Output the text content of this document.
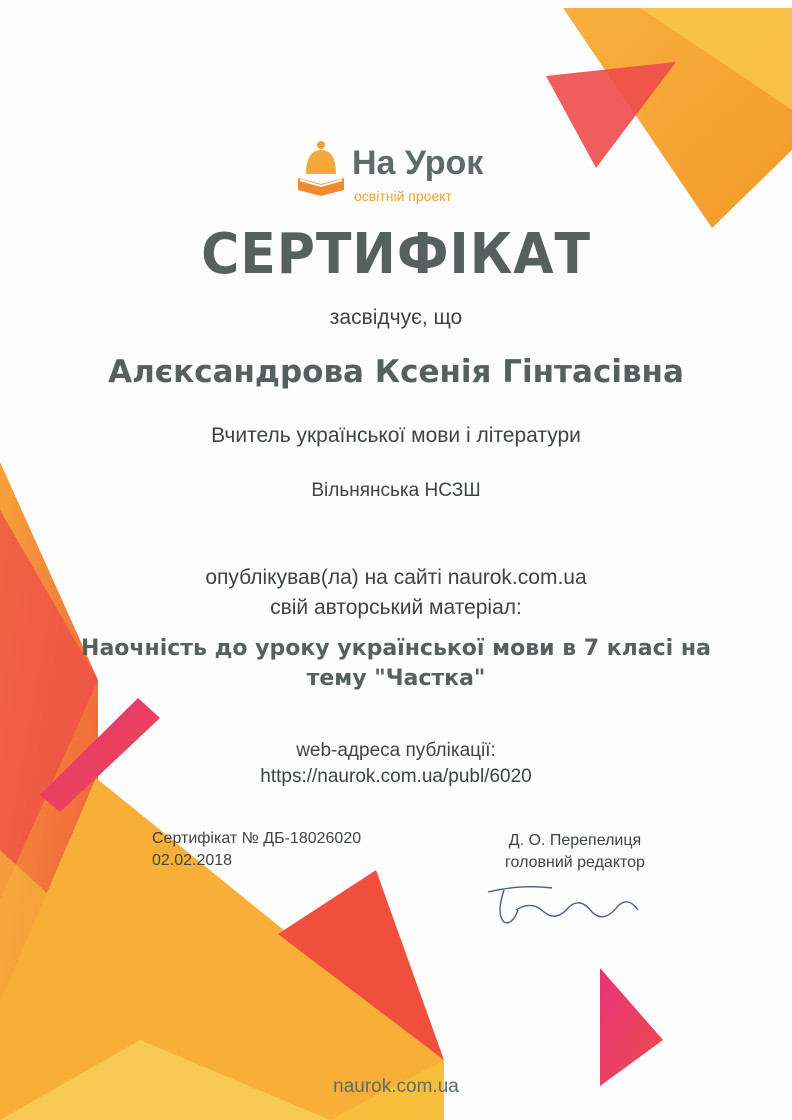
На Урок
освітній проект
СЕРТИФІКАТ
засвідчує, що
Алєксандрова Ксенія Гінтасівна
Вчитель української мови і літератури
Вільнянська НСЗШ
опублікував(ла) на сайті naurok.com.ua
свій авторський матеріал:
Наочність до уроку української мови в 7 класі на тему "Частка"
web-адреса публікації:
https://naurok.com.ua/publ/6020
Сертифікат № ДБ-18026020
02.02.2018
Д. О. Перепелиця
головний редактор
naurok.com.ua
